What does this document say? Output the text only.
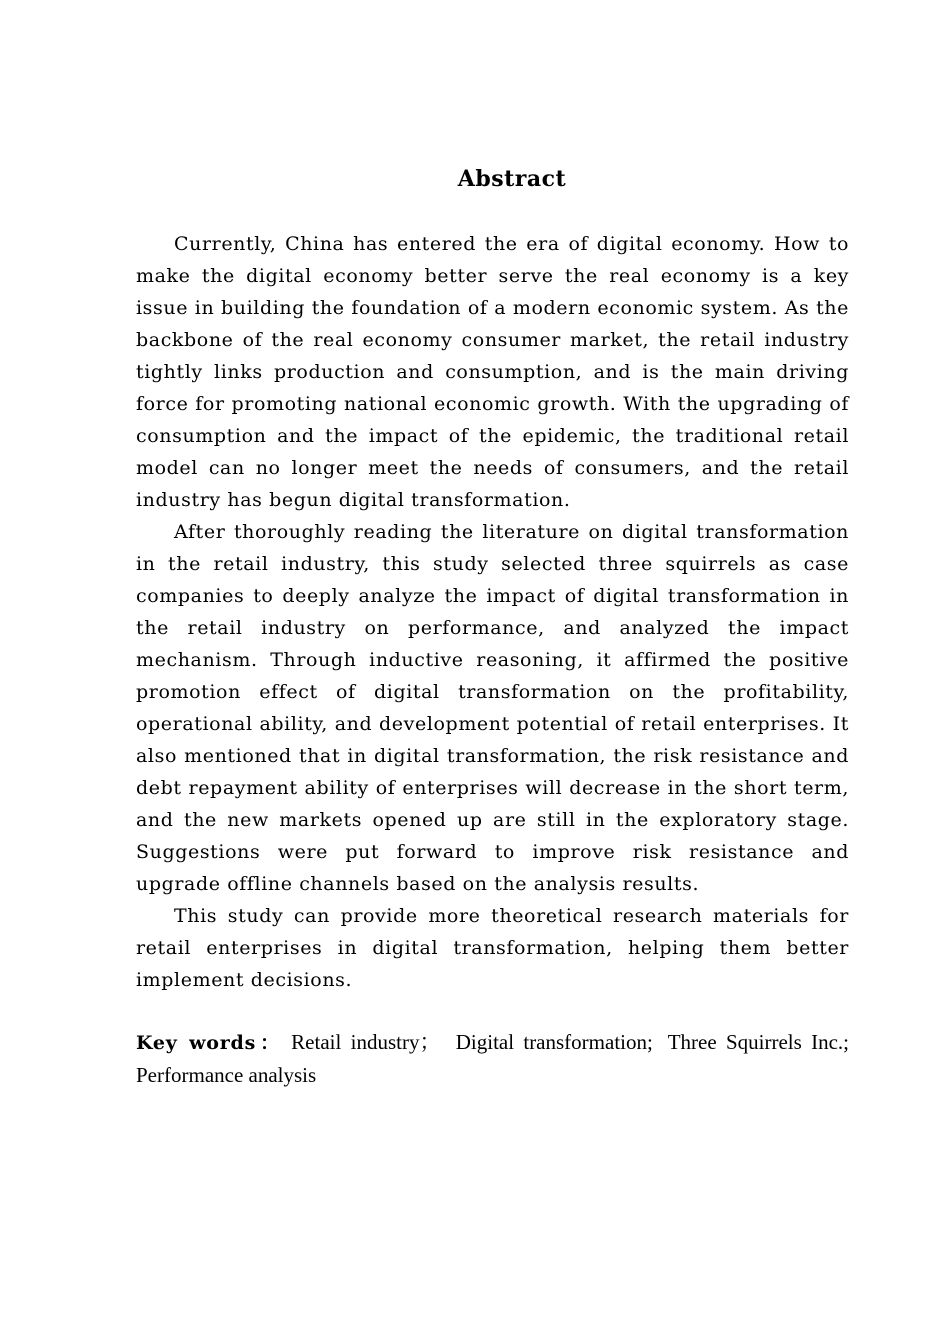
Abstract

Currently, China has entered the era of digital economy. How to make the digital economy better serve the real economy is a key issue in building the foundation of a modern economic system. As the backbone of the real economy consumer market, the retail industry tightly links production and consumption, and is the main driving force for promoting national economic growth. With the upgrading of consumption and the impact of the epidemic, the traditional retail model can no longer meet the needs of consumers, and the retail industry has begun digital transformation.

After thoroughly reading the literature on digital transformation in the retail industry, this study selected three squirrels as case companies to deeply analyze the impact of digital transformation in the retail industry on performance, and analyzed the impact mechanism. Through inductive reasoning, it affirmed the positive promotion effect of digital transformation on the profitability, operational ability, and development potential of retail enterprises. It also mentioned that in digital transformation, the risk resistance and debt repayment ability of enterprises will decrease in the short term, and the new markets opened up are still in the exploratory stage. Suggestions were put forward to improve risk resistance and upgrade offline channels based on the analysis results.

This study can provide more theoretical research materials for retail enterprises in digital transformation, helping them better implement decisions.

Key words： Retail industry； Digital transformation; Three Squirrels Inc.; Performance analysis
